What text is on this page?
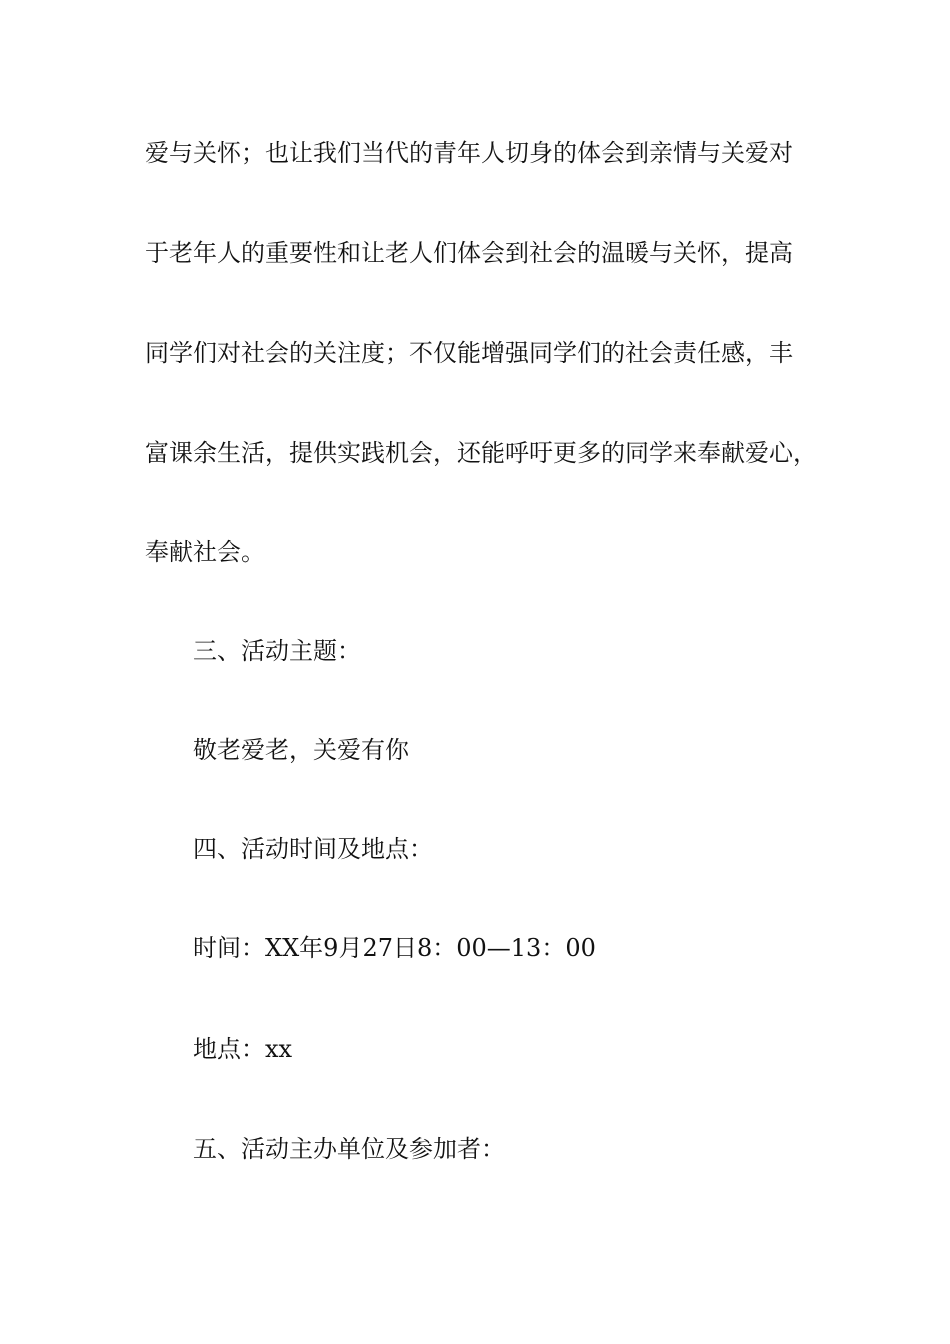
爱与关怀；也让我们当代的青年人切身的体会到亲情与关爱对
于老年人的重要性和让老人们体会到社会的温暖与关怀，提高
同学们对社会的关注度；不仅能增强同学们的社会责任感，丰
富课余生活，提供实践机会，还能呼吁更多的同学来奉献爱心，
奉献社会。
三、活动主题：
敬老爱老，关爱有你
四、活动时间及地点：
时间：XX年9月27日8：00—13：00
地点：xx
五、活动主办单位及参加者：
